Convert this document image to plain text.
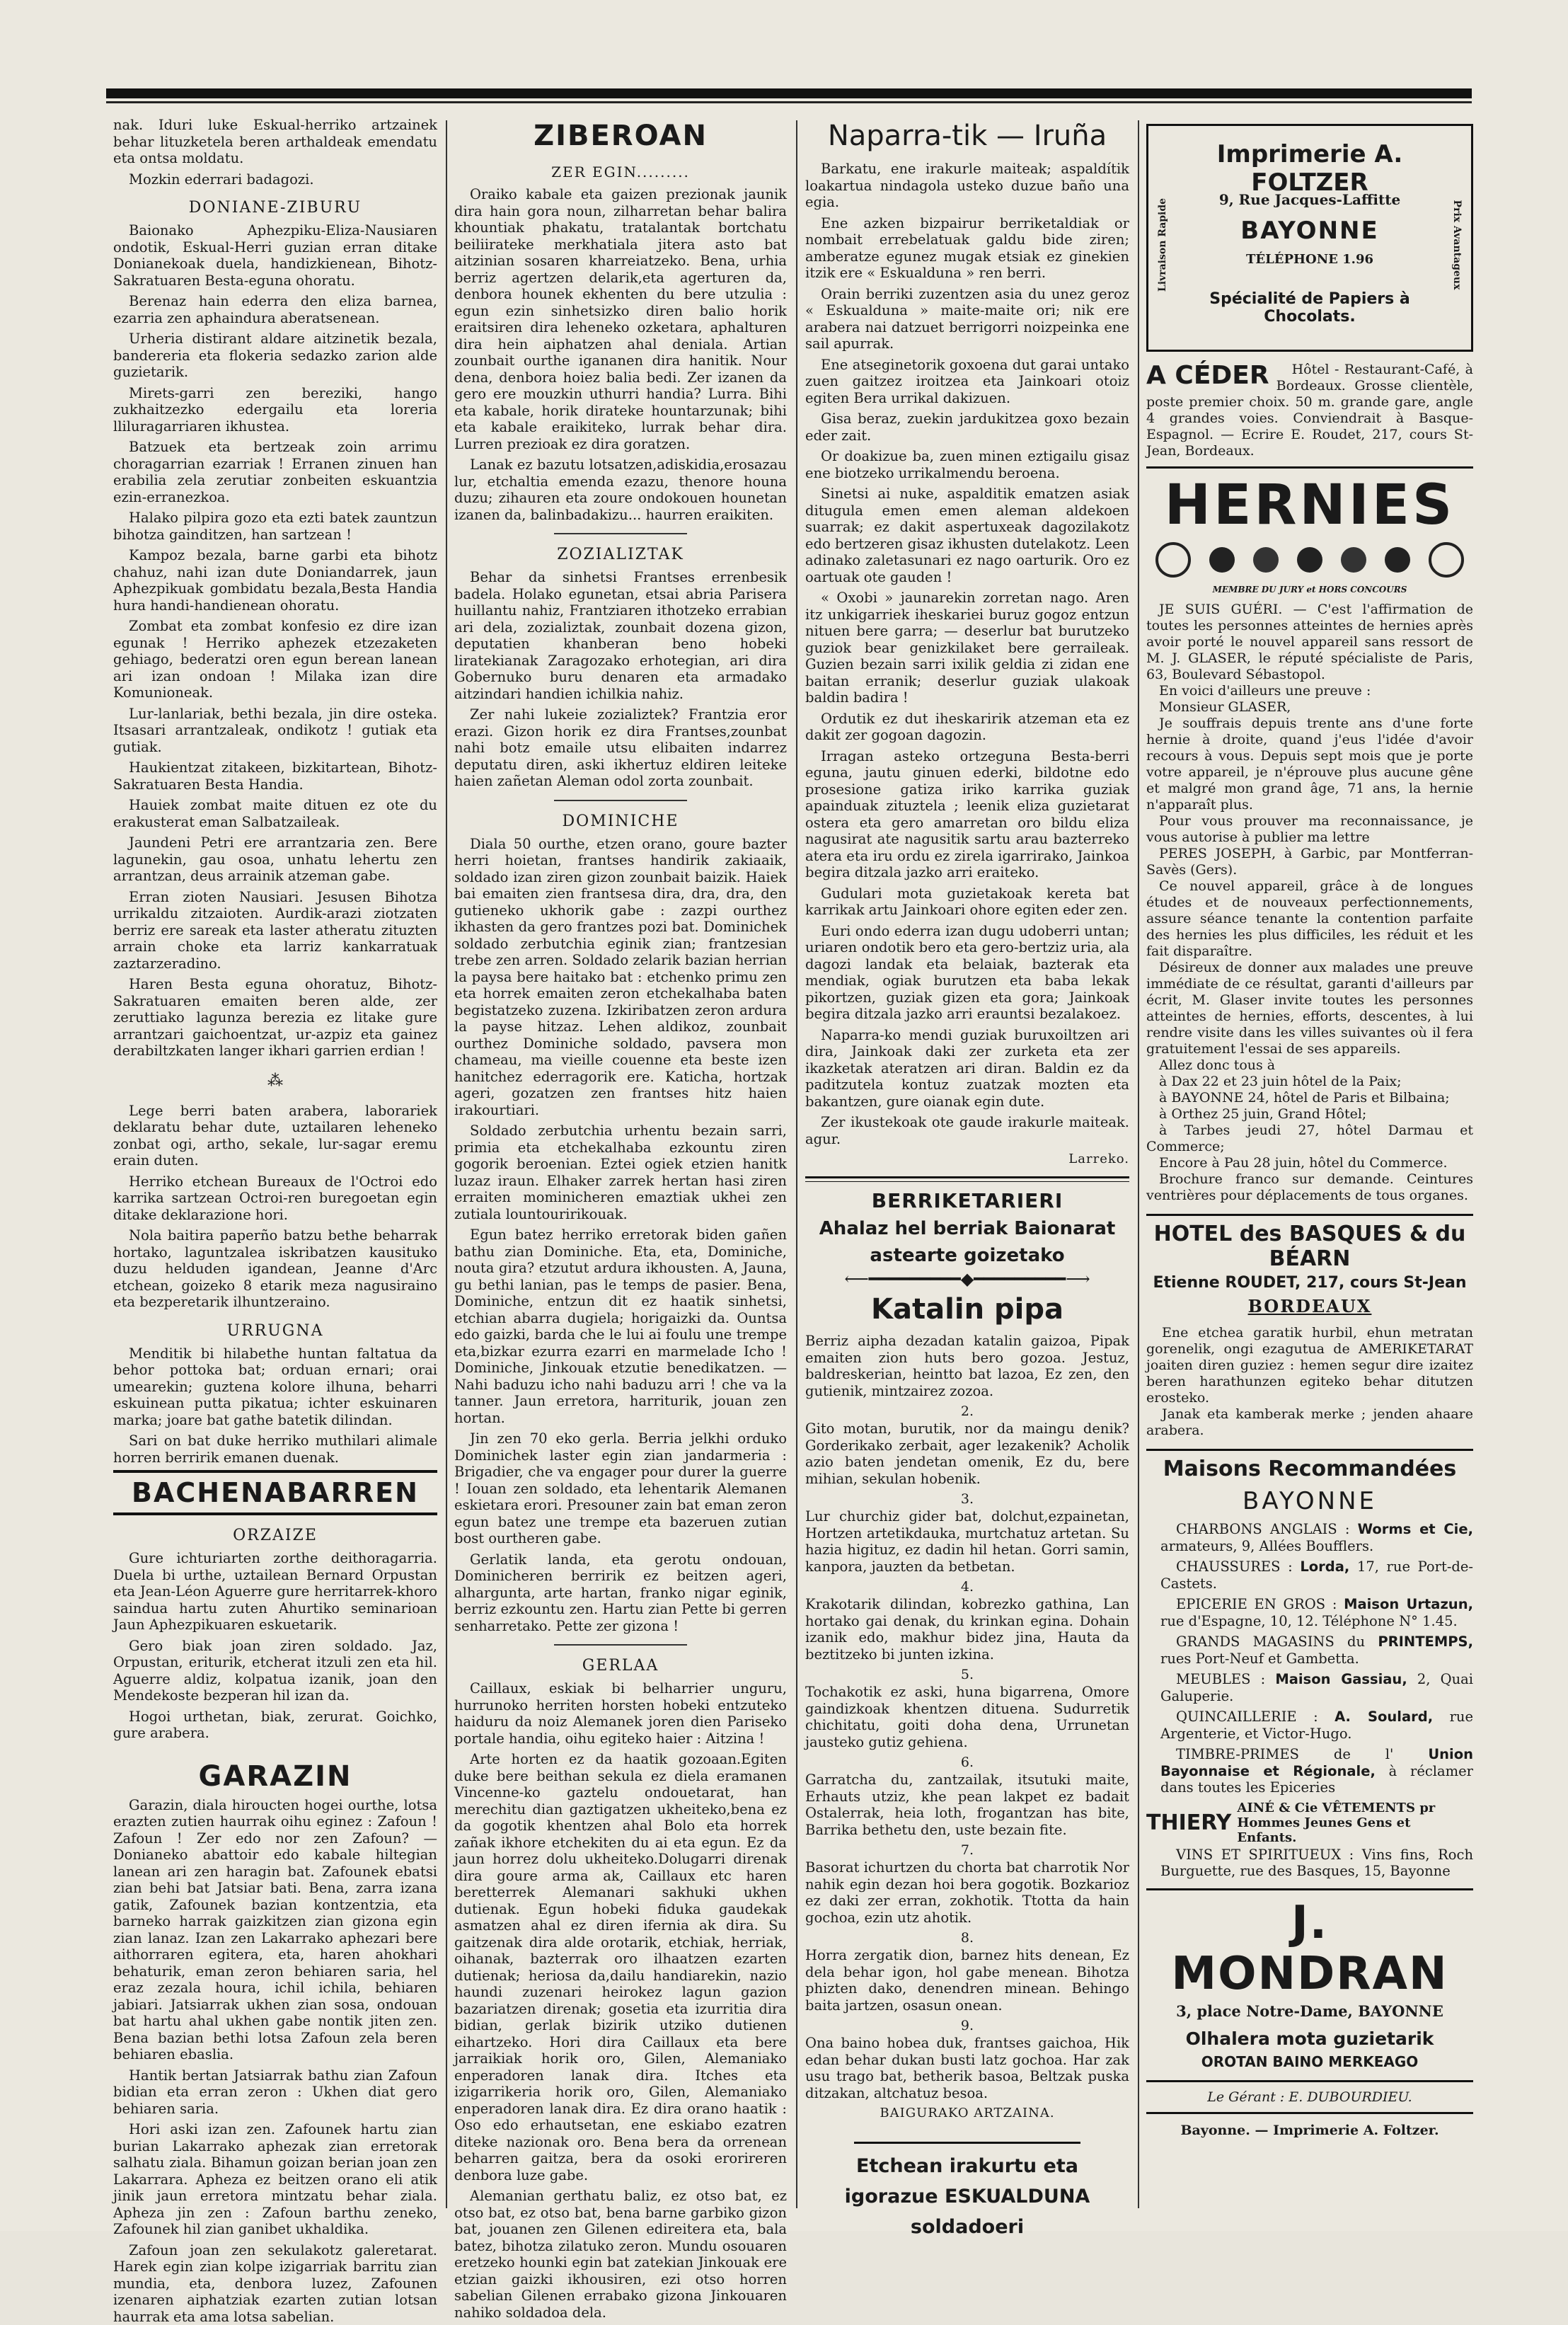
nak. Iduri luke Eskual-herriko artzainek behar lituzketela beren arthaldeak emendatu eta ontsa moldatu.

Mozkin ederrari badagozi.

DONIANE-ZIBURU

Baionako Aphezpiku-Eliza-Nausiaren ondotik, Eskual-Herri guzian erran ditake Donianekoak duela, handizkienean, Bihotz-Sakratuaren Besta-eguna ohoratu.

Berenaz hain ederra den eliza barnea, ezarria zen aphaindura aberatsenean.

Urheria distirant aldare aitzinetik bezala, bandereria eta flokeria sedazko zarion alde guzietarik.

Mirets-garri zen bereziki, hango zukhaitzezko edergailu eta loreria lliluragarriaren ikhustea.

Batzuek eta bertzeak zoin arrimu choragarrian ezarriak ! Erranen zinuen han erabilia zela zerutiar zonbeiten eskuantzia ezin-erranezkoa.

Halako pilpira gozo eta ezti batek zauntzun bihotza gainditzen, han sartzean !

Kampoz bezala, barne garbi eta bihotz chahuz, nahi izan dute Doniandarrek, jaun Aphezpikuak gombidatu bezala,Besta Handia hura handi-handienean ohoratu.

Zombat eta zombat konfesio ez dire izan egunak ! Herriko aphezek etzezaketen gehiago, bederatzi oren egun berean lanean ari izan ondoan ! Milaka izan dire Komunioneak.

Lur-lanlariak, bethi bezala, jin dire osteka. Itsasari arrantzaleak, ondikotz ! gutiak eta gutiak.

Haukientzat zitakeen, bizkitartean, Bihotz-Sakratuaren Besta Handia.

Hauiek zombat maite dituen ez ote du erakusterat eman Salbatzaileak.

Jaundeni Petri ere arrantzaria zen. Bere lagunekin, gau osoa, unhatu lehertu zen arrantzan, deus arrainik atzeman gabe.

Erran zioten Nausiari. Jesusen Bihotza urrikaldu zitzaioten. Aurdik-arazi ziotzaten berriz ere sareak eta laster atheratu zituzten arrain choke eta larriz kankarratuak zaztarzeradino.

Haren Besta eguna ohoratuz, Bihotz-Sakratuaren emaiten beren alde, zer zeruttiako lagunza berezia ez litake gure arrantzari gaichoentzat, ur-azpiz eta gainez derabiltzkaten langer ikhari garrien erdian !

⁂

Lege berri baten arabera, laborariek deklaratu behar dute, uztailaren leheneko zonbat ogi, artho, sekale, lur-sagar eremu erain duten.

Herriko etchean Bureaux de l'Octroi edo karrika sartzean Octroi-ren buregoetan egin ditake deklarazione hori.

Nola baitira paperño batzu bethe beharrak hortako, laguntzalea iskribatzen kausituko duzu helduden igandean, Jeanne d'Arc etchean, goizeko 8 etarik meza nagusiraino eta bezperetarik ilhuntzeraino.

URRUGNA

Menditik bi hilabethe huntan faltatua da behor pottoka bat; orduan ernari; orai umearekin; guztena kolore ilhuna, beharri eskuinean putta pikatua; ichter eskuinaren marka; joare bat gathe batetik dilindan.

Sari on bat duke herriko muthilari alimale horren berririk emanen duenak.

BACHENABARREN
ORZAIZE

Gure ichturiarten zorthe deithoragarria. Duela bi urthe, uztailean Bernard Orpustan eta Jean-Léon Aguerre gure herritarrek-khoro saindua hartu zuten Ahurtiko seminarioan Jaun Aphezpikuaren eskuetarik.

Gero biak joan ziren soldado. Jaz, Orpustan, eriturik, etcherat itzuli zen eta hil. Aguerre aldiz, kolpatua izanik, joan den Mendekoste bezperan hil izan da.

Hogoi urthetan, biak, zerurat. Goichko, gure arabera.

GARAZIN

Garazin, diala hiroucten hogei ourthe, lotsa erazten zutien haurrak oihu eginez : Zafoun ! Zafoun ! Zer edo nor zen Zafoun? — Donianeko abattoir edo kabale hiltegian lanean ari zen haragin bat. Zafounek ebatsi zian behi bat Jatsiar bati. Bena, zarra izana gatik, Zafounek bazian kontzentzia, eta barneko harrak gaizkitzen zian gizona egin zian lanaz. Izan zen Lakarrako aphezari bere aithorraren egitera, eta, haren ahokhari behaturik, eman zeron behiaren saria, hel eraz zezala houra, ichil ichila, behiaren jabiari. Jatsiarrak ukhen zian sosa, ondouan bat hartu ahal ukhen gabe nontik jiten zen. Bena bazian bethi lotsa Zafoun zela beren behiaren ebaslia.

Hantik bertan Jatsiarrak bathu zian Zafoun bidian eta erran zeron : Ukhen diat gero behiaren saria.

Hori aski izan zen. Zafounek hartu zian burian Lakarrako aphezak zian erretorak salhatu ziala. Bihamun goizan berian joan zen Lakarrara. Apheza ez beitzen orano eli atik jinik jaun erretora mintzatu behar ziala. Apheza jin zen : Zafoun barthu zeneko, Zafounek hil zian ganibet ukhaldika.

Zafoun joan zen sekulakotz galeretarat. Harek egin zian kolpe izigarriak barritu zian mundia, eta, denbora luzez, Zafounen izenaren aiphatziak ezarten zutian lotsan haurrak eta ama lotsa sabelian.

ZIBEROAN
ZER EGIN.........

Oraiko kabale eta gaizen prezionak jaunik dira hain gora noun, zilharretan behar balira khountiak phakatu, tratalantak bortchatu beiliirateke merkhatiala jitera asto bat aitzinian sosaren kharreiatzeko. Bena, urhia berriz agertzen delarik,eta agerturen da, denbora hounek ekhenten du bere utzulia : egun ezin sinhetsizko diren balio horik eraitsiren dira leheneko ozketara, aphalturen dira hein aiphatzen ahal deniala. Artian zounbait ourthe igananen dira hanitik. Nour dena, denbora hoiez balia bedi. Zer izanen da gero ere mouzkin uthurri handia? Lurra. Bihi eta kabale, horik dirateke hountarzunak; bihi eta kabale eraikiteko, lurrak behar dira. Lurren prezioak ez dira goratzen.

Lanak ez bazutu lotsatzen,adiskidia,erosazau lur, etchaltia emenda ezazu, thenore houna duzu; zihauren eta zoure ondokouen hounetan izanen da, balinbadakizu... haurren eraikiten.

ZOZIALIZTAK

Behar da sinhetsi Frantses errenbesik badela. Holako egunetan, etsai abria Parisera huillantu nahiz, Frantziaren ithotzeko errabian ari dela, zozializtak, zounbait dozena gizon, deputatien khanberan beno hobeki liratekianak Zaragozako erhotegian, ari dira Gobernuko buru denaren eta armadako aitzindari handien ichilkia nahiz.

Zer nahi lukeie zozializtek? Frantzia eror erazi. Gizon horik ez dira Frantses,zounbat nahi botz emaile utsu elibaiten indarrez deputatu diren, aski ikhertuz eldiren leiteke haien zañetan Aleman odol zorta zounbait.

DOMINICHE

Diala 50 ourthe, etzen orano, goure bazter herri hoietan, frantses handirik zakiaaik, soldado izan ziren gizon zounbait baizik. Haiek bai emaiten zien frantsesa dira, dra, dra, den gutieneko ukhorik gabe : zazpi ourthez ikhasten da gero frantzes pozi bat. Dominichek soldado zerbutchia eginik zian; frantzesian trebe zen arren. Soldado zelarik bazian herrian la paysa bere haitako bat : etchenko primu zen eta horrek emaiten zeron etchekalhaba baten begistatzeko zuzena. Izkiribatzen zeron ardura la payse hitzaz. Lehen aldikoz, zounbait ourthez Dominiche soldado, pavsera mon chameau, ma vieille couenne eta beste izen hanitchez ederragorik ere. Katicha, hortzak ageri, gozatzen zen frantses hitz haien irakourtiari.

Soldado zerbutchia urhentu bezain sarri, primia eta etchekalhaba ezkountu ziren gogorik beroenian. Eztei ogiek etzien hanitk luzaz iraun. Elhaker zarrek hertan hasi ziren erraiten mominicheren emaztiak ukhei zen zutiala lountouririkouak.

Egun batez herriko erretorak biden gañen bathu zian Dominiche. Eta, eta, Dominiche, nouta gira? etzutut ardura ikhousten. A, Jauna, gu bethi lanian, pas le temps de pasier. Bena, Dominiche, entzun dit ez haatik sinhetsi, etchian abarra dugiela; horigaizki da. Ountsa edo gaizki, barda che le lui ai foulu une trempe eta,bizkar ezurra ezarri en marmelade Icho ! Dominiche, Jinkouak etzutie benedikatzen. — Nahi baduzu icho nahi baduzu arri ! che va la tanner. Jaun erretora, harriturik, jouan zen hortan.

Jin zen 70 eko gerla. Berria jelkhi orduko Dominichek laster egin zian jandarmeria : Brigadier, che va engager pour durer la guerre ! Iouan zen soldado, eta lehentarik Alemanen eskietara erori. Presouner zain bat eman zeron egun batez une trempe eta bazeruen zutian bost ourtheren gabe.

Gerlatik landa, eta gerotu ondouan, Dominicheren berririk ez beitzen ageri, alhargunta, arte hartan, franko nigar eginik, berriz ezkountu zen. Hartu zian Pette bi gerren senharretako. Pette zer gizona !

GERLAA

Caillaux, eskiak bi belharrier unguru, hurrunoko herriten horsten hobeki entzuteko haiduru da noiz Alemanek joren dien Pariseko portale handia, oihu egiteko haier : Aitzina !

Arte horten ez da haatik gozoaan.Egiten duke bere beithan sekula ez diela eramanen Vincenne-ko gaztelu ondouetarat, han merechitu dian gaztigatzen ukheiteko,bena ez da gogotik khentzen ahal Bolo eta horrek zañak ikhore etchekiten du ai eta egun. Ez da jaun horrez dolu ukheiteko.Dolugarri direnak dira goure arma ak, Caillaux etc haren beretterrek Alemanari sakhuki ukhen dutienak. Egun hobeki fiduka gaudekak asmatzen ahal ez diren ifernia ak dira. Su gaitzenak dira alde orotarik, etchiak, herriak, oihanak, bazterrak oro ilhaatzen ezarten dutienak; heriosa da,dailu handiarekin, nazio haundi zuzenari heirokez lagun gazion bazariatzen direnak; gosetia eta izurritia dira bidian, gerlak bizirik utziko dutienen eihartzeko. Hori dira Caillaux eta bere jarraikiak horik oro, Gilen, Alemaniako enperadoren lanak dira. Itches eta izigarrikeria horik oro, Gilen, Alemaniako enperadoren lanak dira. Ez dira orano haatik : Oso edo erhautsetan, ene eskiabo ezatren diteke nazionak oro. Bena bera da orrenean beharren gaitza, bera da osoki erorireren denbora luze gabe.

Alemanian gerthatu baliz, ez otso bat, ez otso bat, ez otso bat, bena barne garbiko gizon bat, jouanen zen Gilenen edireitera eta, bala batez, bihotza zilatuko zeron. Mundu osouaren eretzeko hounki egin bat zatekian Jinkouak ere etzian gaizki ikhousiren, ezi otso horren sabelian Gilenen errabako gizona Jinkouaren nahiko soldadoa dela.

Naparra-tik — Iruña

Barkatu, ene irakurle maiteak; aspaldítik loakartua nindagola usteko duzue baño una egia.

Ene azken bizpairur berriketaldiak or nombait errebelatuak galdu bide ziren; amberatze egunez mugak etsiak ez ginekien itzik ere « Eskualduna » ren berri.

Orain berriki zuzentzen asia du unez geroz « Eskualduna » maite-maite ori; nik ere arabera nai datzuet berrigorri noizpeinka ene sail apurrak.

Ene atseginetorik goxoena dut garai untako zuen gaitzez iroitzea eta Jainkoari otoiz egiten Bera urrikal dakizuen.

Gisa beraz, zuekin jardukitzea goxo bezain eder zait.

Or doakizue ba, zuen minen eztigailu gisaz ene biotzeko urrikalmendu beroena.

Sinetsi ai nuke, aspalditik ematzen asiak ditugula emen emen aleman aldekoen suarrak; ez dakit aspertuxeak dagozilakotz edo bertzeren gisaz ikhusten dutelakotz. Leen adinako zaletasunari ez nago oarturik. Oro ez oartuak ote gauden !

« Oxobi » jaunarekin zorretan nago. Aren itz unkigarriek iheskariei buruz gogoz entzun nituen bere garra; — deserlur bat burutzeko guziok bear genizkilaket bere gerraileak. Guzien bezain sarri ixilik geldia zi zidan ene baitan erranik; deserlur guziak ulakoak baldin badira !

Ordutik ez dut iheskaririk atzeman eta ez dakit zer gogoan dagozin.

Irragan asteko ortzeguna Besta-berri eguna, jautu ginuen ederki, bildotne edo prosesione gatiza iriko karrika guziak apainduak zituztela ; leenik eliza guzietarat ostera eta gero amarretan oro bildu eliza nagusirat ate nagusitik sartu arau bazterreko atera eta iru ordu ez zirela igarrirako, Jainkoa begira ditzala jazko arri eraiteko.

Gudulari mota guzietakoak kereta bat karrikak artu Jainkoari ohore egiten eder zen.

Euri ondo ederra izan dugu udoberri untan; uriaren ondotik bero eta gero-bertziz uria, ala dagozi landak eta belaiak, bazterak eta mendiak, ogiak burutzen eta baba lekak pikortzen, guziak gizen eta gora; Jainkoak begira ditzala jazko arri erauntsi bezalakoez.

Naparra-ko mendi guziak buruxoiltzen ari dira, Jainkoak daki zer zurketa eta zer ikazketak ateratzen ari diran. Baldin ez da paditzutela kontuz zuatzak mozten eta bakantzen, gure oianak egin dute.

Zer ikustekoak ote gaude irakurle maiteak. agur.

Larreko.
BERRIKETARIERI
Ahalaz hel berriak Baionarat
astearte goizetako
⟵━━━━━━━━━◆━━━━━━━━━⟶
Katalin pipa

Berriz aipha dezadan katalin gaizoa, Pipak emaiten zion huts bero gozoa. Jestuz, baldreskerian, heintto bat lazoa, Ez zen, den gutienik, mintzairez zozoa.

2.

Gito motan, burutik, nor da maingu denik? Gorderikako zerbait, ager lezakenik? Acholik azio baten jendetan omenik, Ez du, bere mihian, sekulan hobenik.

3.

Lur churchiz gider bat, dolchut,ezpainetan, Hortzen artetikdauka, murtchatuz artetan. Su hazia higituz, ez dadin hil hetan. Gorri samin, kanpora, jauzten da betbetan.

4.

Krakotarik dilindan, kobrezko gathina, Lan hortako gai denak, du krinkan egina. Dohain izanik edo, makhur bidez jina, Hauta da beztitzeko bi junten izkina.

5.

Tochakotik ez aski, huna bigarrena, Omore gaindizkoak khentzen dituena. Sudurretik chichitatu, goiti doha dena, Urrunetan jausteko gutiz gehiena.

6.

Garratcha du, zantzailak, itsutuki maite, Erhauts utziz, khe pean lakpet ez badait Ostalerrak, heia loth, frogantzan has bite, Barrika bethetu den, uste bezain fite.

7.

Basorat ichurtzen du chorta bat charrotik Nor nahik egin dezan hoi bera gogotik. Bozkarioz ez daki zer erran, zokhotik. Ttotta da hain gochoa, ezin utz ahotik.

8.

Horra zergatik dion, barnez hits denean, Ez dela behar igon, hol gabe menean. Bihotza phizten dako, denendren minean. Behingo baita jartzen, osasun onean.

9.

Ona baino hobea duk, frantses gaichoa, Hik edan behar dukan busti latz gochoa. Har zak usu trago bat, betherik basoa, Beltzak puska ditzakan, altchatuz besoa.

BAIGURAKO ARTZAINA.
Etchean irakurtu eta
igorazue ESKUALDUNA
soldadoeri
Imprimerie A. FOLTZER
Livraison Rapide	Prix Avantageux
9, Rue Jacques-Laffitte
BAYONNE
TÉLÉPHONE 1.96
Spécialité de Papiers à Chocolats.
A CÉDER	Hôtel - Restaurant-Café, à Bordeaux. Grosse clientèle, poste premier choix. 50 m. grande gare, angle 4 grandes voies. Conviendrait à Basque-Espagnol. — Ecrire E. Roudet, 217, cours St-Jean, Bordeaux.

HERNIES
MEMBRE DU JURY et HORS CONCOURS

JE SUIS GUÉRI. — C'est l'affirmation de toutes les personnes atteintes de hernies après avoir porté le nouvel appareil sans ressort de M. J. GLASER, le réputé spécialiste de Paris, 63, Boulevard Sébastopol.

En voici d'ailleurs une preuve :

Monsieur GLASER,

Je souffrais depuis trente ans d'une forte hernie à droite, quand j'eus l'idée d'avoir recours à vous. Depuis sept mois que je porte votre appareil, je n'éprouve plus aucune gêne et malgré mon grand âge, 71 ans, la hernie n'apparaît plus.

Pour vous prouver ma reconnaissance, je vous autorise à publier ma lettre

PERES JOSEPH, à Garbic, par Montferran-Savès (Gers).

Ce nouvel appareil, grâce à de longues études et de nouveaux perfectionnements, assure séance tenante la contention parfaite des hernies les plus difficiles, les réduit et les fait disparaître.

Désireux de donner aux malades une preuve immédiate de ce résultat, garanti d'ailleurs par écrit, M. Glaser invite toutes les personnes atteintes de hernies, efforts, descentes, à lui rendre visite dans les villes suivantes où il fera gratuitement l'essai de ses appareils.

Allez donc tous à

à Dax 22 et 23 juin hôtel de la Paix;

à BAYONNE 24, hôtel de Paris et Bilbaina;

à Orthez 25 juin, Grand Hôtel;

à Tarbes jeudi 27, hôtel Darmau et Commerce;

Encore à Pau 28 juin, hôtel du Commerce.

Brochure franco sur demande. Ceintures ventrières pour déplacements de tous organes.

HOTEL des BASQUES & du BÉARN
Etienne ROUDET, 217, cours St-Jean
BORDEAUX

Ene etchea garatik hurbil, ehun metratan gorenelik, ongi ezagutua de AMERIKETARAT joaiten diren guziez : hemen segur dire izaitez beren harathunzen egiteko behar ditutzen erosteko.

Janak eta kamberak merke ; jenden ahaare arabera.

Maisons Recommandées
BAYONNE

CHARBONS ANGLAIS : Worms et Cie, armateurs, 9, Allées Boufflers.

CHAUSSURES : Lorda, 17, rue Port-de-Castets.

EPICERIE EN GROS : Maison Urtazun, rue d'Espagne, 10, 12. Téléphone N° 1.45.

GRANDS MAGASINS du PRINTEMPS, rues Port-Neuf et Gambetta.

MEUBLES : Maison Gassiau, 2, Quai Galuperie.

QUINCAILLERIE : A. Soulard, rue Argenterie, et Victor-Hugo.

TIMBRE-PRIMES de l'	Union Bayonnaise et Régionale, à réclamer dans toutes les Epiceries

THIERY
AINÉ & Cie VÊTEMENTS pr Hommes Jeunes Gens et Enfants.

VINS ET SPIRITUEUX : Vins fins, Roch Burguette, rue des Basques, 15, Bayonne

J. MONDRAN
3, place Notre-Dame, BAYONNE
Olhalera mota guzietarik
OROTAN BAINO MERKEAGO
Le Gérant : E. DUBOURDIEU.
Bayonne. — Imprimerie A. Foltzer.
